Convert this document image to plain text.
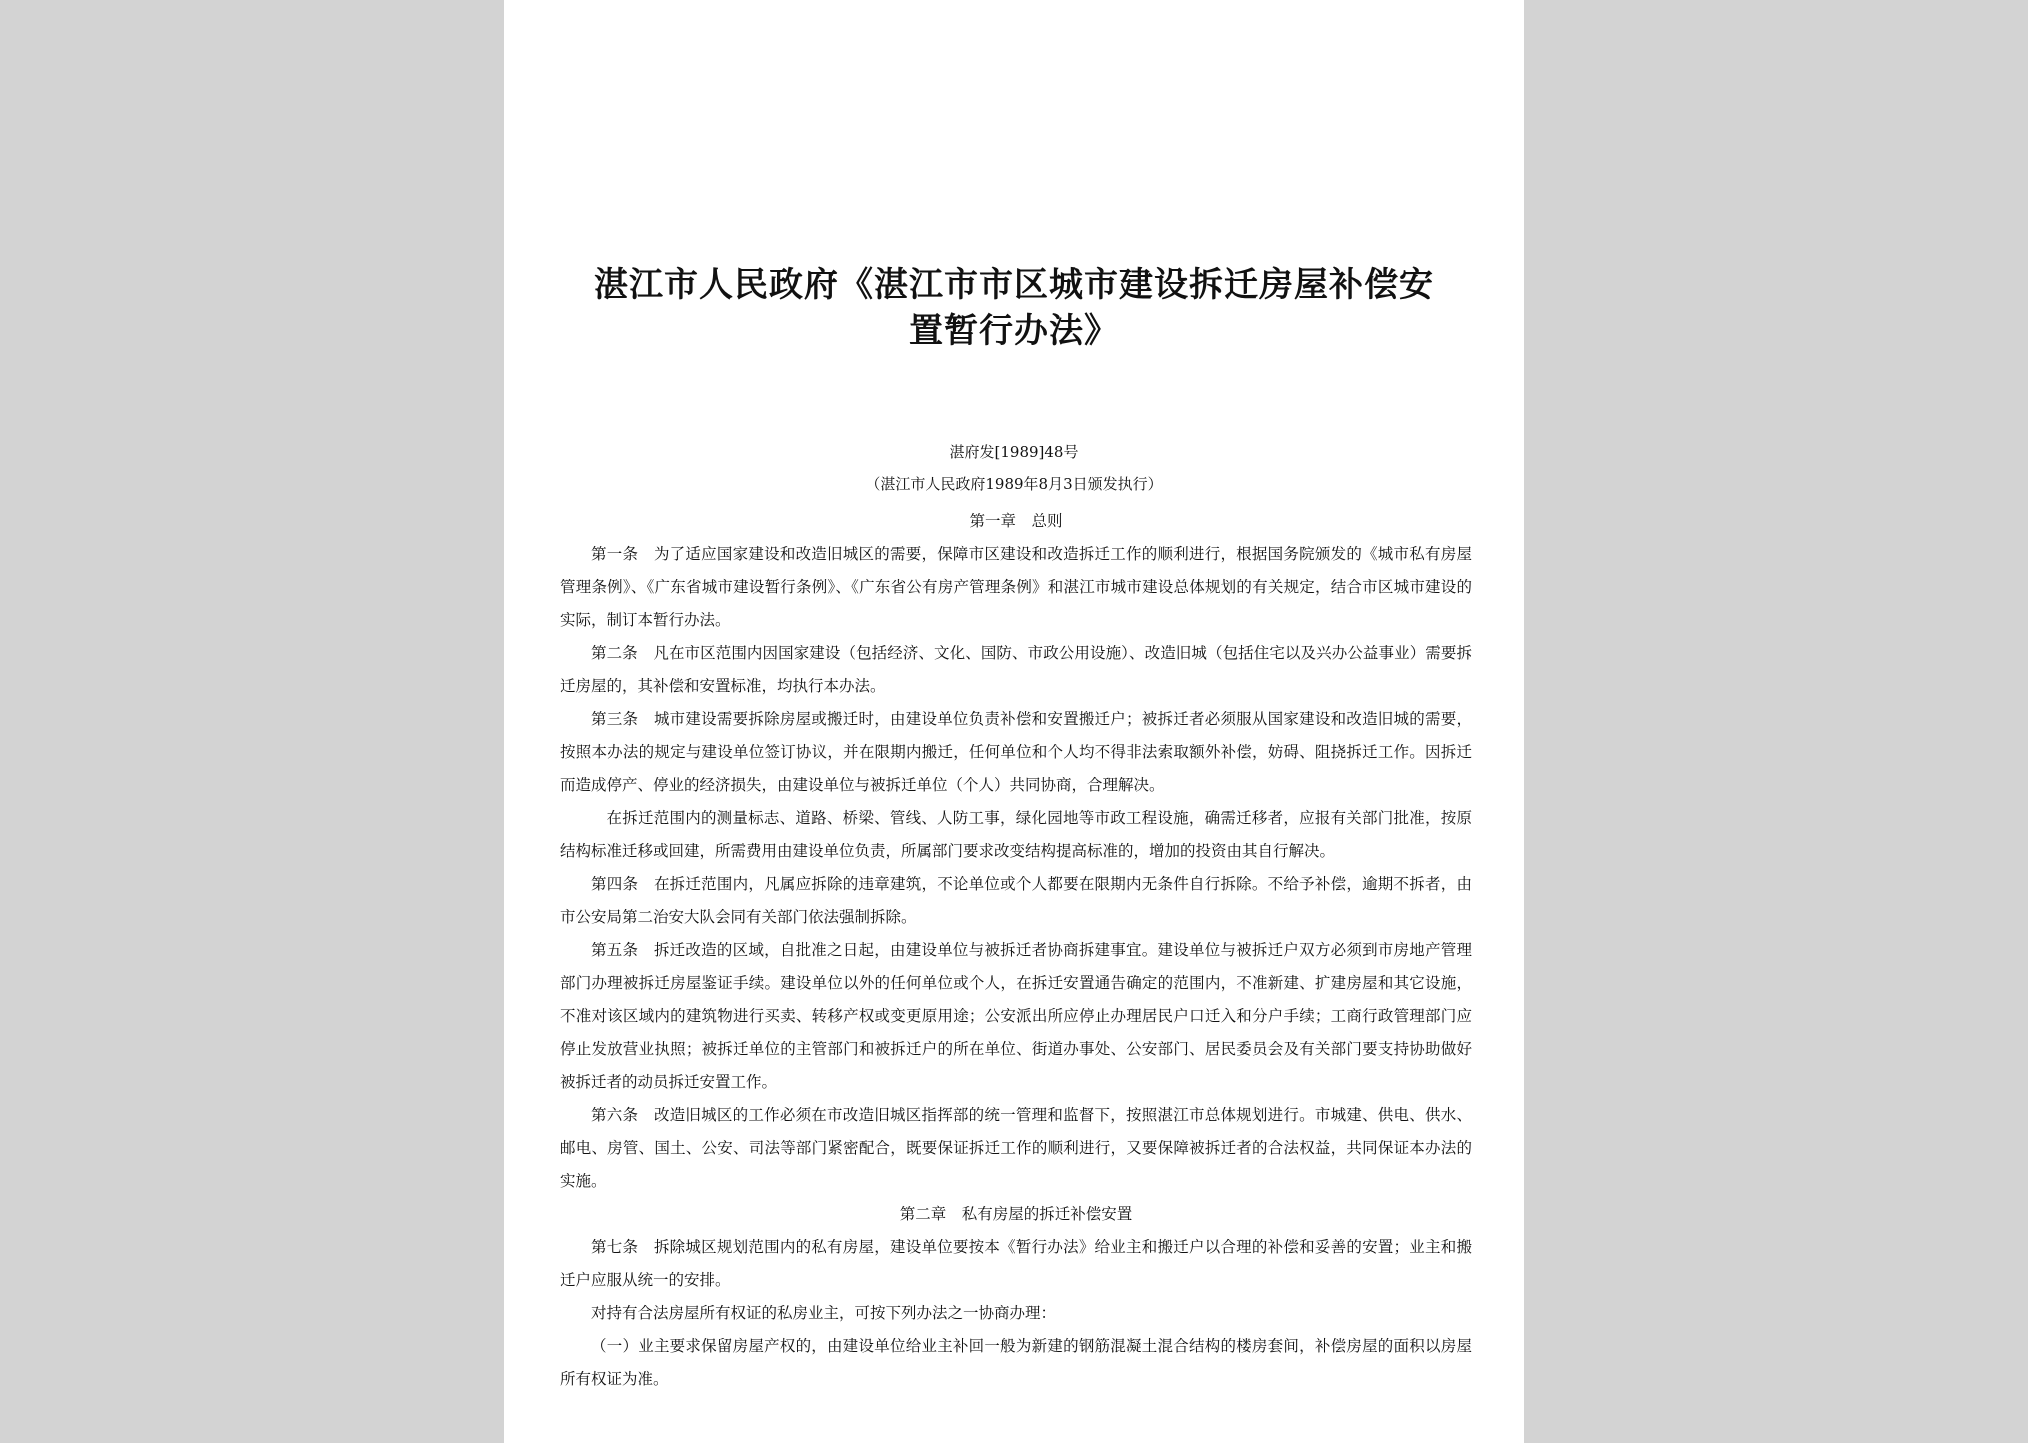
湛江市人民政府《湛江市市区城市建设拆迁房屋补偿安
置暂行办法》
湛府发[1989]48号
（湛江市人民政府1989年8月3日颁发执行）

第一章　总则

第一条　为了适应国家建设和改造旧城区的需要，保障市区建设和改造拆迁工作的顺利进行，根据国务院颁发的《城市私有房屋管理条例》、《广东省城市建设暂行条例》、《广东省公有房产管理条例》和湛江市城市建设总体规划的有关规定，结合市区城市建设的实际，制订本暂行办法。

第二条　凡在市区范围内因国家建设（包括经济、文化、国防、市政公用设施）、改造旧城（包括住宅以及兴办公益事业）需要拆迁房屋的，其补偿和安置标准，均执行本办法。

第三条　城市建设需要拆除房屋或搬迁时，由建设单位负责补偿和安置搬迁户；被拆迁者必须服从国家建设和改造旧城的需要，按照本办法的规定与建设单位签订协议，并在限期内搬迁，任何单位和个人均不得非法索取额外补偿，妨碍、阻挠拆迁工作。因拆迁而造成停产、停业的经济损失，由建设单位与被拆迁单位（个人）共同协商，合理解决。

在拆迁范围内的测量标志、道路、桥梁、管线、人防工事，绿化园地等市政工程设施，确需迁移者，应报有关部门批准，按原结构标准迁移或回建，所需费用由建设单位负责，所属部门要求改变结构提高标准的，增加的投资由其自行解决。

第四条　在拆迁范围内，凡属应拆除的违章建筑，不论单位或个人都要在限期内无条件自行拆除。不给予补偿，逾期不拆者，由市公安局第二治安大队会同有关部门依法强制拆除。

第五条　拆迁改造的区域，自批准之日起，由建设单位与被拆迁者协商拆建事宜。建设单位与被拆迁户双方必须到市房地产管理部门办理被拆迁房屋鉴证手续。建设单位以外的任何单位或个人，在拆迁安置通告确定的范围内，不准新建、扩建房屋和其它设施，不准对该区域内的建筑物进行买卖、转移产权或变更原用途；公安派出所应停止办理居民户口迁入和分户手续；工商行政管理部门应停止发放营业执照；被拆迁单位的主管部门和被拆迁户的所在单位、街道办事处、公安部门、居民委员会及有关部门要支持协助做好被拆迁者的动员拆迁安置工作。

第六条　改造旧城区的工作必须在市改造旧城区指挥部的统一管理和监督下，按照湛江市总体规划进行。市城建、供电、供水、邮电、房管、国土、公安、司法等部门紧密配合，既要保证拆迁工作的顺利进行，又要保障被拆迁者的合法权益，共同保证本办法的实施。

第二章　私有房屋的拆迁补偿安置

第七条　拆除城区规划范围内的私有房屋，建设单位要按本《暂行办法》给业主和搬迁户以合理的补偿和妥善的安置；业主和搬迁户应服从统一的安排。

对持有合法房屋所有权证的私房业主，可按下列办法之一协商办理：

（一）业主要求保留房屋产权的，由建设单位给业主补回一般为新建的钢筋混凝土混合结构的楼房套间，补偿房屋的面积以房屋所有权证为准。
